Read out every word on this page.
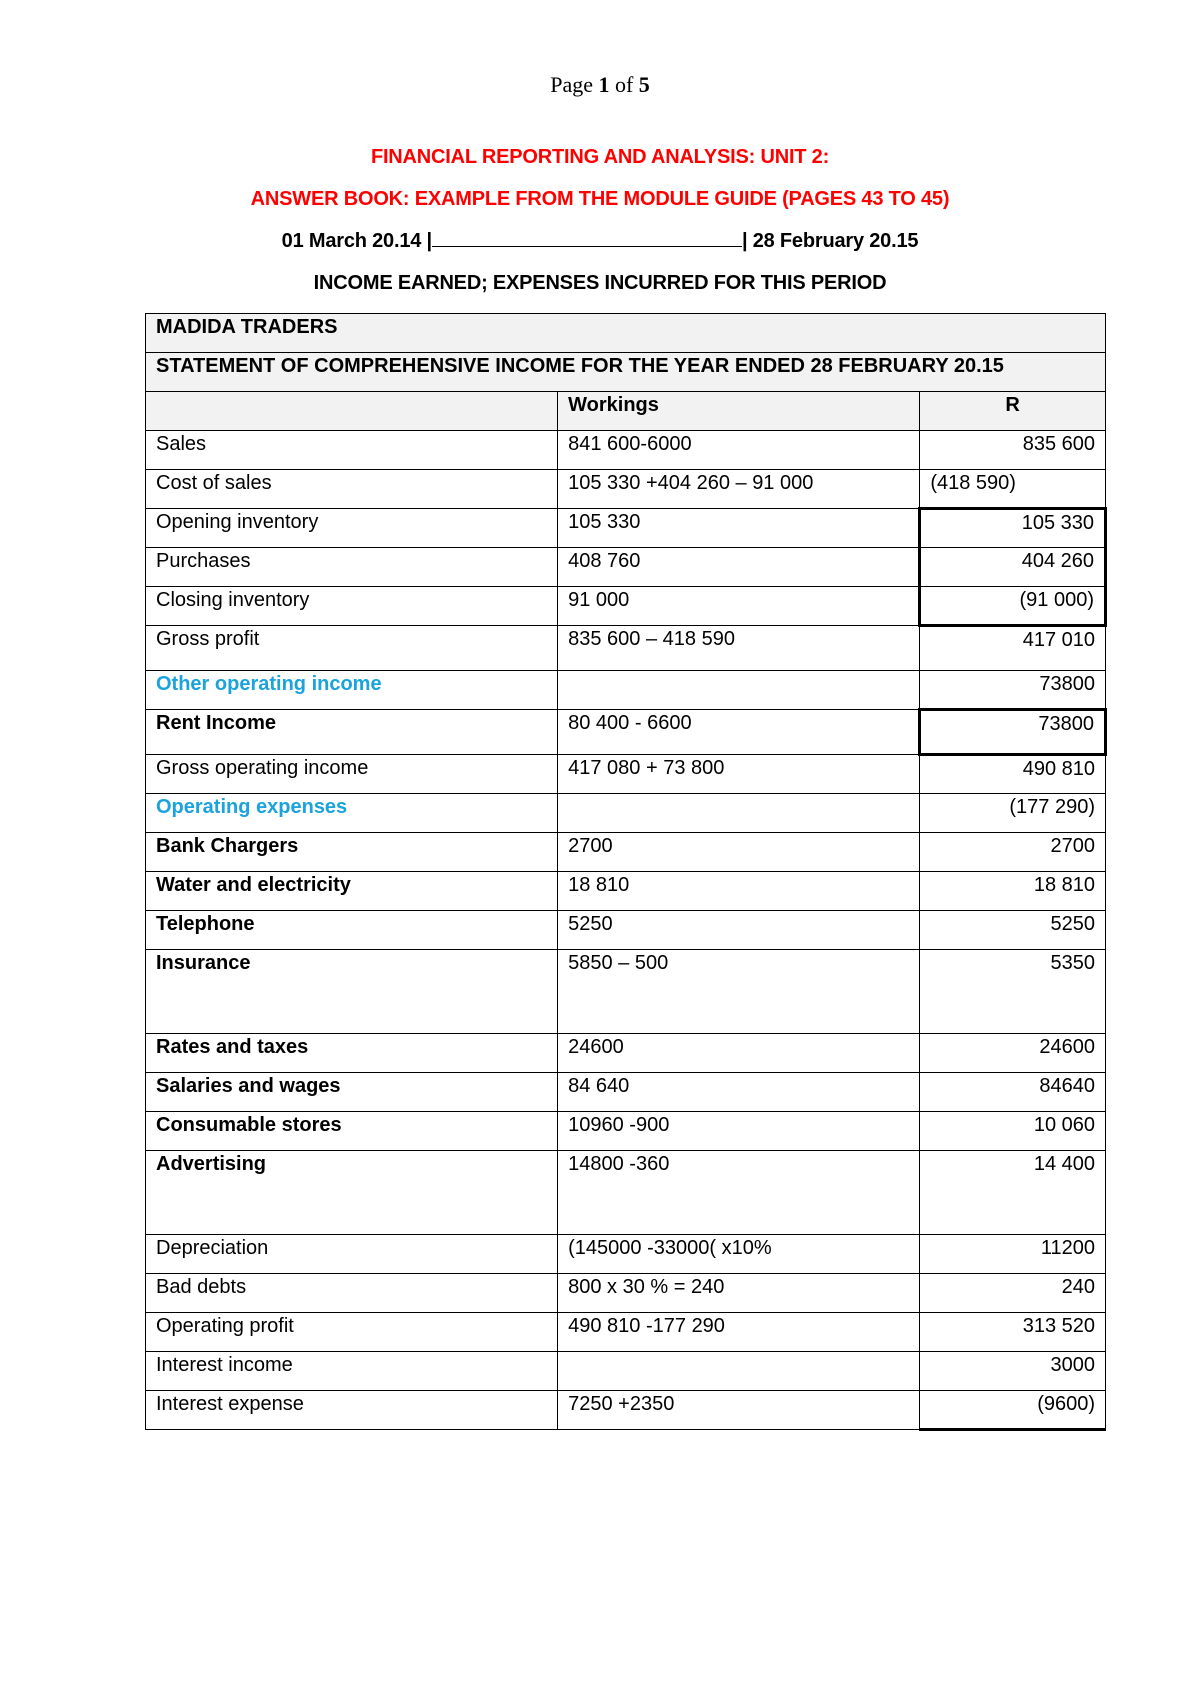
Page 1 of 5
FINANCIAL REPORTING AND ANALYSIS: UNIT 2:
ANSWER BOOK: EXAMPLE FROM THE MODULE GUIDE (PAGES 43 TO 45)
01 March 20.14 |	| 28 February 20.15
INCOME EARNED; EXPENSES INCURRED FOR THIS PERIOD
MADIDA TRADERS		
STATEMENT OF COMPREHENSIVE INCOME FOR THE YEAR ENDED 28 FEBRUARY 20.15		
	Workings	R
Sales	841 600-6000	835 600
Cost of sales	105 330 +404 260 – 91 000	(418 590)
Opening inventory	105 330	105 330
Purchases	408 760	404 260
Closing inventory	91 000	(91 000)
Gross profit	835 600 – 418 590	417 010
Other operating income		73800
Rent Income	80 400 - 6600	73800
Gross operating income	417 080 + 73 800	490 810
Operating expenses		(177 290)
Bank Chargers	2700	2700
Water and electricity	18 810	18 810
Telephone	5250	5250
Insurance	5850 – 500	5350
Rates and taxes	24600	24600
Salaries and wages	84 640	84640
Consumable stores	10960 -900	10 060
Advertising	14800 -360	14 400
Depreciation	(145000 -33000( x10%	11200
Bad debts	800 x 30 % = 240	240
Operating profit	490 810 -177 290	313 520
Interest income		3000
Interest expense	7250 +2350	(9600)
